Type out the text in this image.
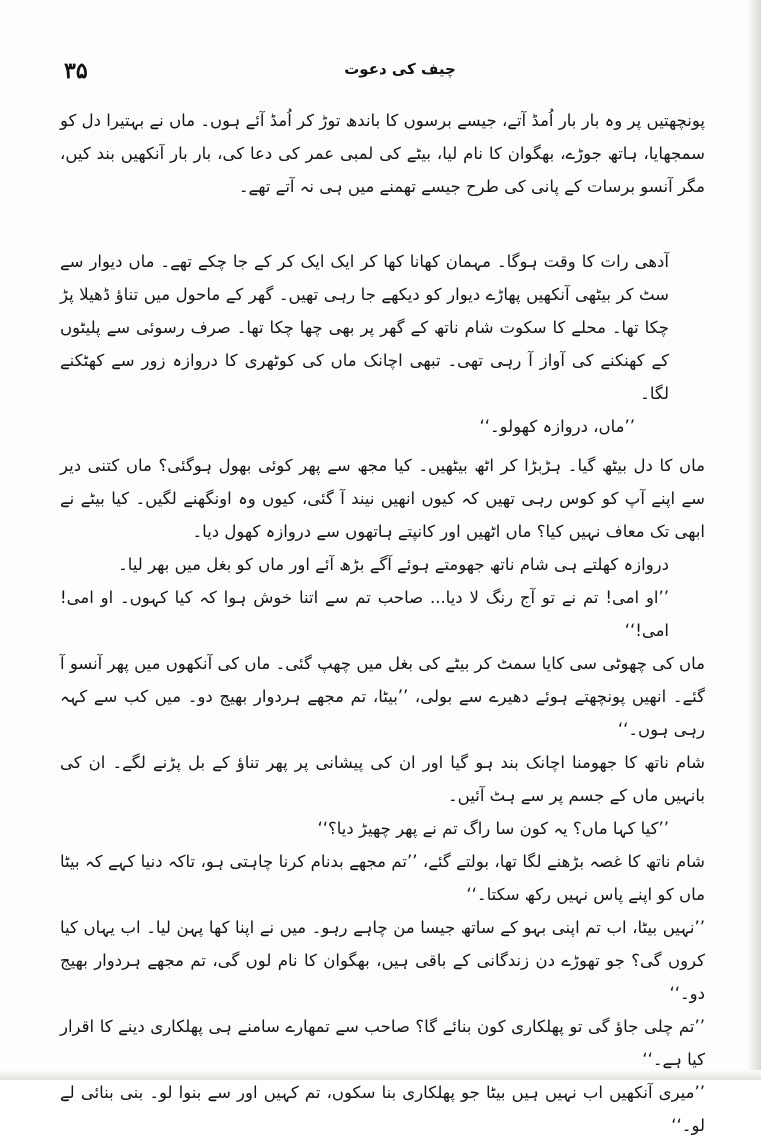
۳۵	چیف کی دعوت

پونچھتیں پر وہ بار بار اُمڈ آتے، جیسے برسوں کا باندھ توڑ کر اُمڈ آئے ہوں۔ ماں نے بہتیرا دل کو سمجھایا، ہاتھ جوڑے، بھگوان کا نام لیا، بیٹے کی لمبی عمر کی دعا کی، بار بار آنکھیں بند کیں، مگر آنسو برسات کے پانی کی طرح جیسے تھمنے میں ہی نہ آتے تھے۔

آدھی رات کا وقت ہوگا۔ مہمان کھانا کھا کر ایک ایک کر کے جا چکے تھے۔ ماں دیوار سے سٹ کر بیٹھی آنکھیں پھاڑے دیوار کو دیکھے جا رہی تھیں۔ گھر کے ماحول میں تناؤ ڈھیلا پڑ چکا تھا۔ محلے کا سکوت شام ناتھ کے گھر پر بھی چھا چکا تھا۔ صرف رسوئی سے پلیٹوں کے کھنکنے کی آواز آ رہی تھی۔ تبھی اچانک ماں کی کوٹھری کا دروازہ زور سے کھٹکنے لگا۔

’’ماں، دروازہ کھولو۔‘‘

ماں کا دل بیٹھ گیا۔ ہڑبڑا کر اٹھ بیٹھیں۔ کیا مجھ سے پھر کوئی بھول ہوگئی؟ ماں کتنی دیر سے اپنے آپ کو کوس رہی تھیں کہ کیوں انھیں نیند آ گئی، کیوں وہ اونگھنے لگیں۔ کیا بیٹے نے ابھی تک معاف نہیں کیا؟ ماں اٹھیں اور کانپتے ہاتھوں سے دروازہ کھول دیا۔

دروازہ کھلتے ہی شام ناتھ جھومتے ہوئے آگے بڑھ آئے اور ماں کو بغل میں بھر لیا۔

’’او امی! تم نے تو آج رنگ لا دیا... صاحب تم سے اتنا خوش ہوا کہ کیا کہوں۔ او امی! امی!‘‘

ماں کی چھوٹی سی کایا سمٹ کر بیٹے کی بغل میں چھپ گئی۔ ماں کی آنکھوں میں پھر آنسو آ گئے۔ انھیں پونچھتے ہوئے دھیرے سے بولی، ’’بیٹا، تم مجھے ہردوار بھیج دو۔ میں کب سے کہہ رہی ہوں۔‘‘

شام ناتھ کا جھومنا اچانک بند ہو گیا اور ان کی پیشانی پر پھر تناؤ کے بل پڑنے لگے۔ ان کی بانہیں ماں کے جسم پر سے ہٹ آئیں۔

’’کیا کہا ماں؟ یہ کون سا راگ تم نے پھر چھیڑ دیا؟‘‘

شام ناتھ کا غصہ بڑھنے لگا تھا، بولتے گئے، ’’تم مجھے بدنام کرنا چاہتی ہو، تاکہ دنیا کہے کہ بیٹا ماں کو اپنے پاس نہیں رکھ سکتا۔‘‘

’’نہیں بیٹا، اب تم اپنی بہو کے ساتھ جیسا من چاہے رہو۔ میں نے اپنا کھا پہن لیا۔ اب یہاں کیا کروں گی؟ جو تھوڑے دن زندگانی کے باقی ہیں، بھگوان کا نام لوں گی، تم مجھے ہردوار بھیج دو۔‘‘

’’تم چلی جاؤ گی تو پھلکاری کون بنائے گا؟ صاحب سے تمھارے سامنے ہی پھلکاری دینے کا اقرار کیا ہے۔‘‘

’’میری آنکھیں اب نہیں ہیں بیٹا جو پھلکاری بنا سکوں، تم کہیں اور سے بنوا لو۔ بنی بنائی لے لو۔‘‘
